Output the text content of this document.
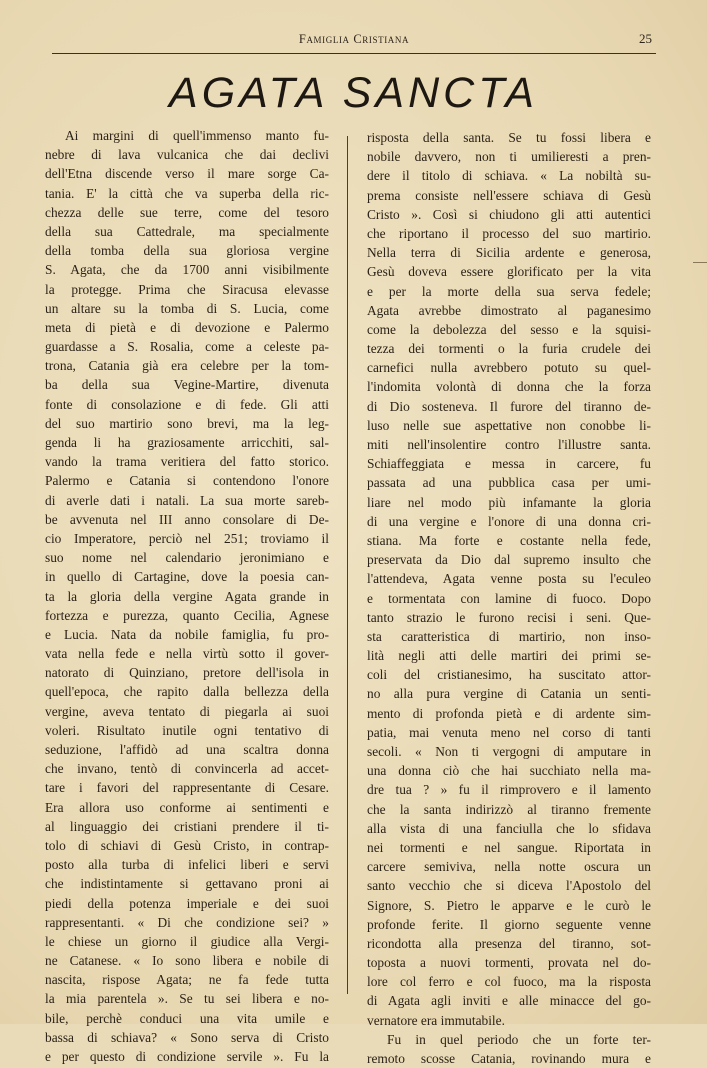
Famiglia Cristiana	25
AGATA SANCTA
Ai margini di quell'immenso manto fu-
nebre di lava vulcanica che dai declivi
dell'Etna discende verso il mare sorge Ca-
tania. E' la città che va superba della ric-
chezza delle sue terre, come del tesoro
della sua Cattedrale, ma specialmente
della tomba della sua gloriosa vergine
S. Agata, che da 1700 anni visibilmente
la protegge. Prima che Siracusa elevasse
un altare su la tomba di S. Lucia, come
meta di pietà e di devozione e Palermo
guardasse a S. Rosalia, come a celeste pa-
trona, Catania già era celebre per la tom-
ba della sua Vegine-Martire, divenuta
fonte di consolazione e di fede. Gli atti
del suo martirio sono brevi, ma la leg-
genda li ha graziosamente arricchiti, sal-
vando la trama veritiera del fatto storico.
Palermo e Catania si contendono l'onore
di averle dati i natali. La sua morte sareb-
be avvenuta nel III anno consolare di De-
cio Imperatore, perciò nel 251; troviamo il
suo nome nel calendario jeronimiano e
in quello di Cartagine, dove la poesia can-
ta la gloria della vergine Agata grande in
fortezza e purezza, quanto Cecilia, Agnese
e Lucia. Nata da nobile famiglia, fu pro-
vata nella fede e nella virtù sotto il gover-
natorato di Quinziano, pretore dell'isola in
quell'epoca, che rapito dalla bellezza della
vergine, aveva tentato di piegarla ai suoi
voleri. Risultato inutile ogni tentativo di
seduzione, l'affidò ad una scaltra donna
che invano, tentò di convincerla ad accet-
tare i favori del rappresentante di Cesare.
Era allora uso conforme ai sentimenti e
al linguaggio dei cristiani prendere il ti-
tolo di schiavi di Gesù Cristo, in contrap-
posto alla turba di infelici liberi e servi
che indistintamente si gettavano proni ai
piedi della potenza imperiale e dei suoi
rappresentanti. « Di che condizione sei? »
le chiese un giorno il giudice alla Vergi-
ne Catanese. « Io sono libera e nobile di
nascita, rispose Agata; ne fa fede tutta
la mia parentela ». Se tu sei libera e no-
bile, perchè conduci una vita umile e
bassa di schiava? « Sono serva di Cristo
e per questo di condizione servile ». Fu la
risposta della santa. Se tu fossi libera e
nobile davvero, non ti umilieresti a pren-
dere il titolo di schiava. « La nobiltà su-
prema consiste nell'essere schiava di Gesù
Cristo ». Così si chiudono gli atti autentici
che riportano il processo del suo martirio.
Nella terra di Sicilia ardente e generosa,
Gesù doveva essere glorificato per la vita
e per la morte della sua serva fedele;
Agata avrebbe dimostrato al paganesimo
come la debolezza del sesso e la squisi-
tezza dei tormenti o la furia crudele dei
carnefici nulla avrebbero potuto su quel-
l'indomita volontà di donna che la forza
di Dio sosteneva. Il furore del tiranno de-
luso nelle sue aspettative non conobbe li-
miti nell'insolentire contro l'illustre santa.
Schiaffeggiata e messa in carcere, fu
passata ad una pubblica casa per umi-
liare nel modo più infamante la gloria
di una vergine e l'onore di una donna cri-
stiana. Ma forte e costante nella fede,
preservata da Dio dal supremo insulto che
l'attendeva, Agata venne posta su l'eculeo
e tormentata con lamine di fuoco. Dopo
tanto strazio le furono recisi i seni. Que-
sta caratteristica di martirio, non inso-
lità negli atti delle martiri dei primi se-
coli del cristianesimo, ha suscitato attor-
no alla pura vergine di Catania un senti-
mento di profonda pietà e di ardente sim-
patia, mai venuta meno nel corso di tanti
secoli. « Non ti vergogni di amputare in
una donna ciò che hai succhiato nella ma-
dre tua ? » fu il rimprovero e il lamento
che la santa indirizzò al tiranno fremente
alla vista di una fanciulla che lo sfidava
nei tormenti e nel sangue. Riportata in
carcere semiviva, nella notte oscura un
santo vecchio che si diceva l'Apostolo del
Signore, S. Pietro le apparve e le curò le
profonde ferite. Il giorno seguente venne
ricondotta alla presenza del tiranno, sot-
toposta a nuovi tormenti, provata nel do-
lore col ferro e col fuoco, ma la risposta
di Agata agli inviti e alle minacce del go-
vernatore era immutabile.
Fu in quel periodo che un forte ter-
remoto scosse Catania, rovinando mura e
